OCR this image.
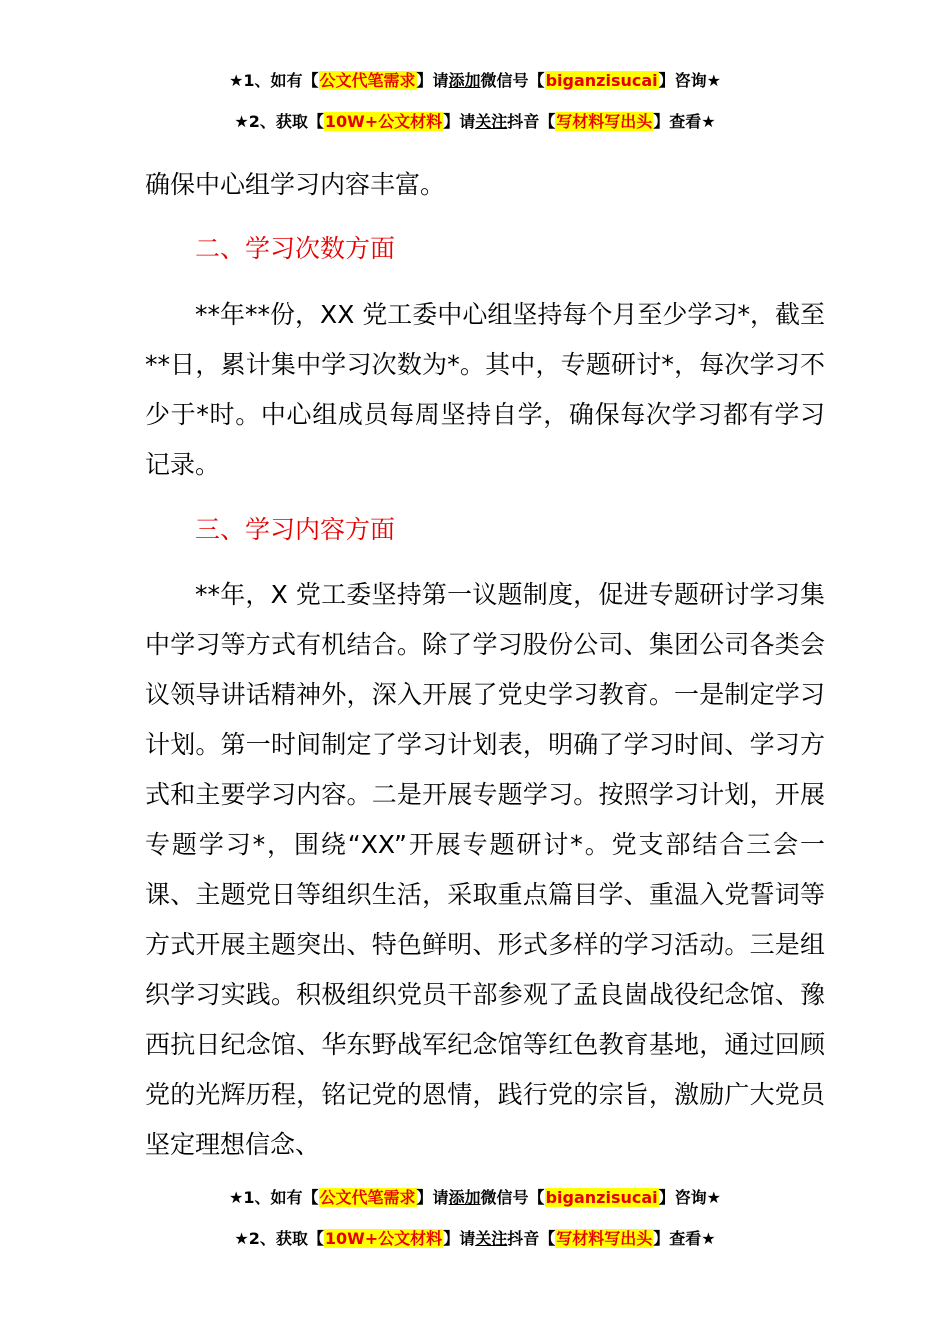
★1、如有【公文代笔需求】请添加微信号【biganzisucai】咨询★
★2、获取【10W+公文材料】请关注抖音【写材料写出头】查看★

确保中心组学习内容丰富。

二、学习次数方面

**年**份，XX 党工委中心组坚持每个月至少学习*，截至**日，累计集中学习次数为*。其中，专题研讨*，每次学习不少于*时。中心组成员每周坚持自学，确保每次学习都有学习记录。

三、学习内容方面

**年，X 党工委坚持第一议题制度，促进专题研讨学习集中学习等方式有机结合。除了学习股份公司、集团公司各类会议领导讲话精神外，深入开展了党史学习教育。一是制定学习计划。第一时间制定了学习计划表，明确了学习时间、学习方式和主要学习内容。二是开展专题学习。按照学习计划，开展专题学习*，围绕“XX”开展专题研讨*。党支部结合三会一课、主题党日等组织生活，采取重点篇目学、重温入党誓词等方式开展主题突出、特色鲜明、形式多样的学习活动。三是组织学习实践。积极组织党员干部参观了孟良崮战役纪念馆、豫西抗日纪念馆、华东野战军纪念馆等红色教育基地，通过回顾党的光辉历程，铭记党的恩情，践行党的宗旨，激励广大党员坚定理想信念、

★1、如有【公文代笔需求】请添加微信号【biganzisucai】咨询★
★2、获取【10W+公文材料】请关注抖音【写材料写出头】查看★
